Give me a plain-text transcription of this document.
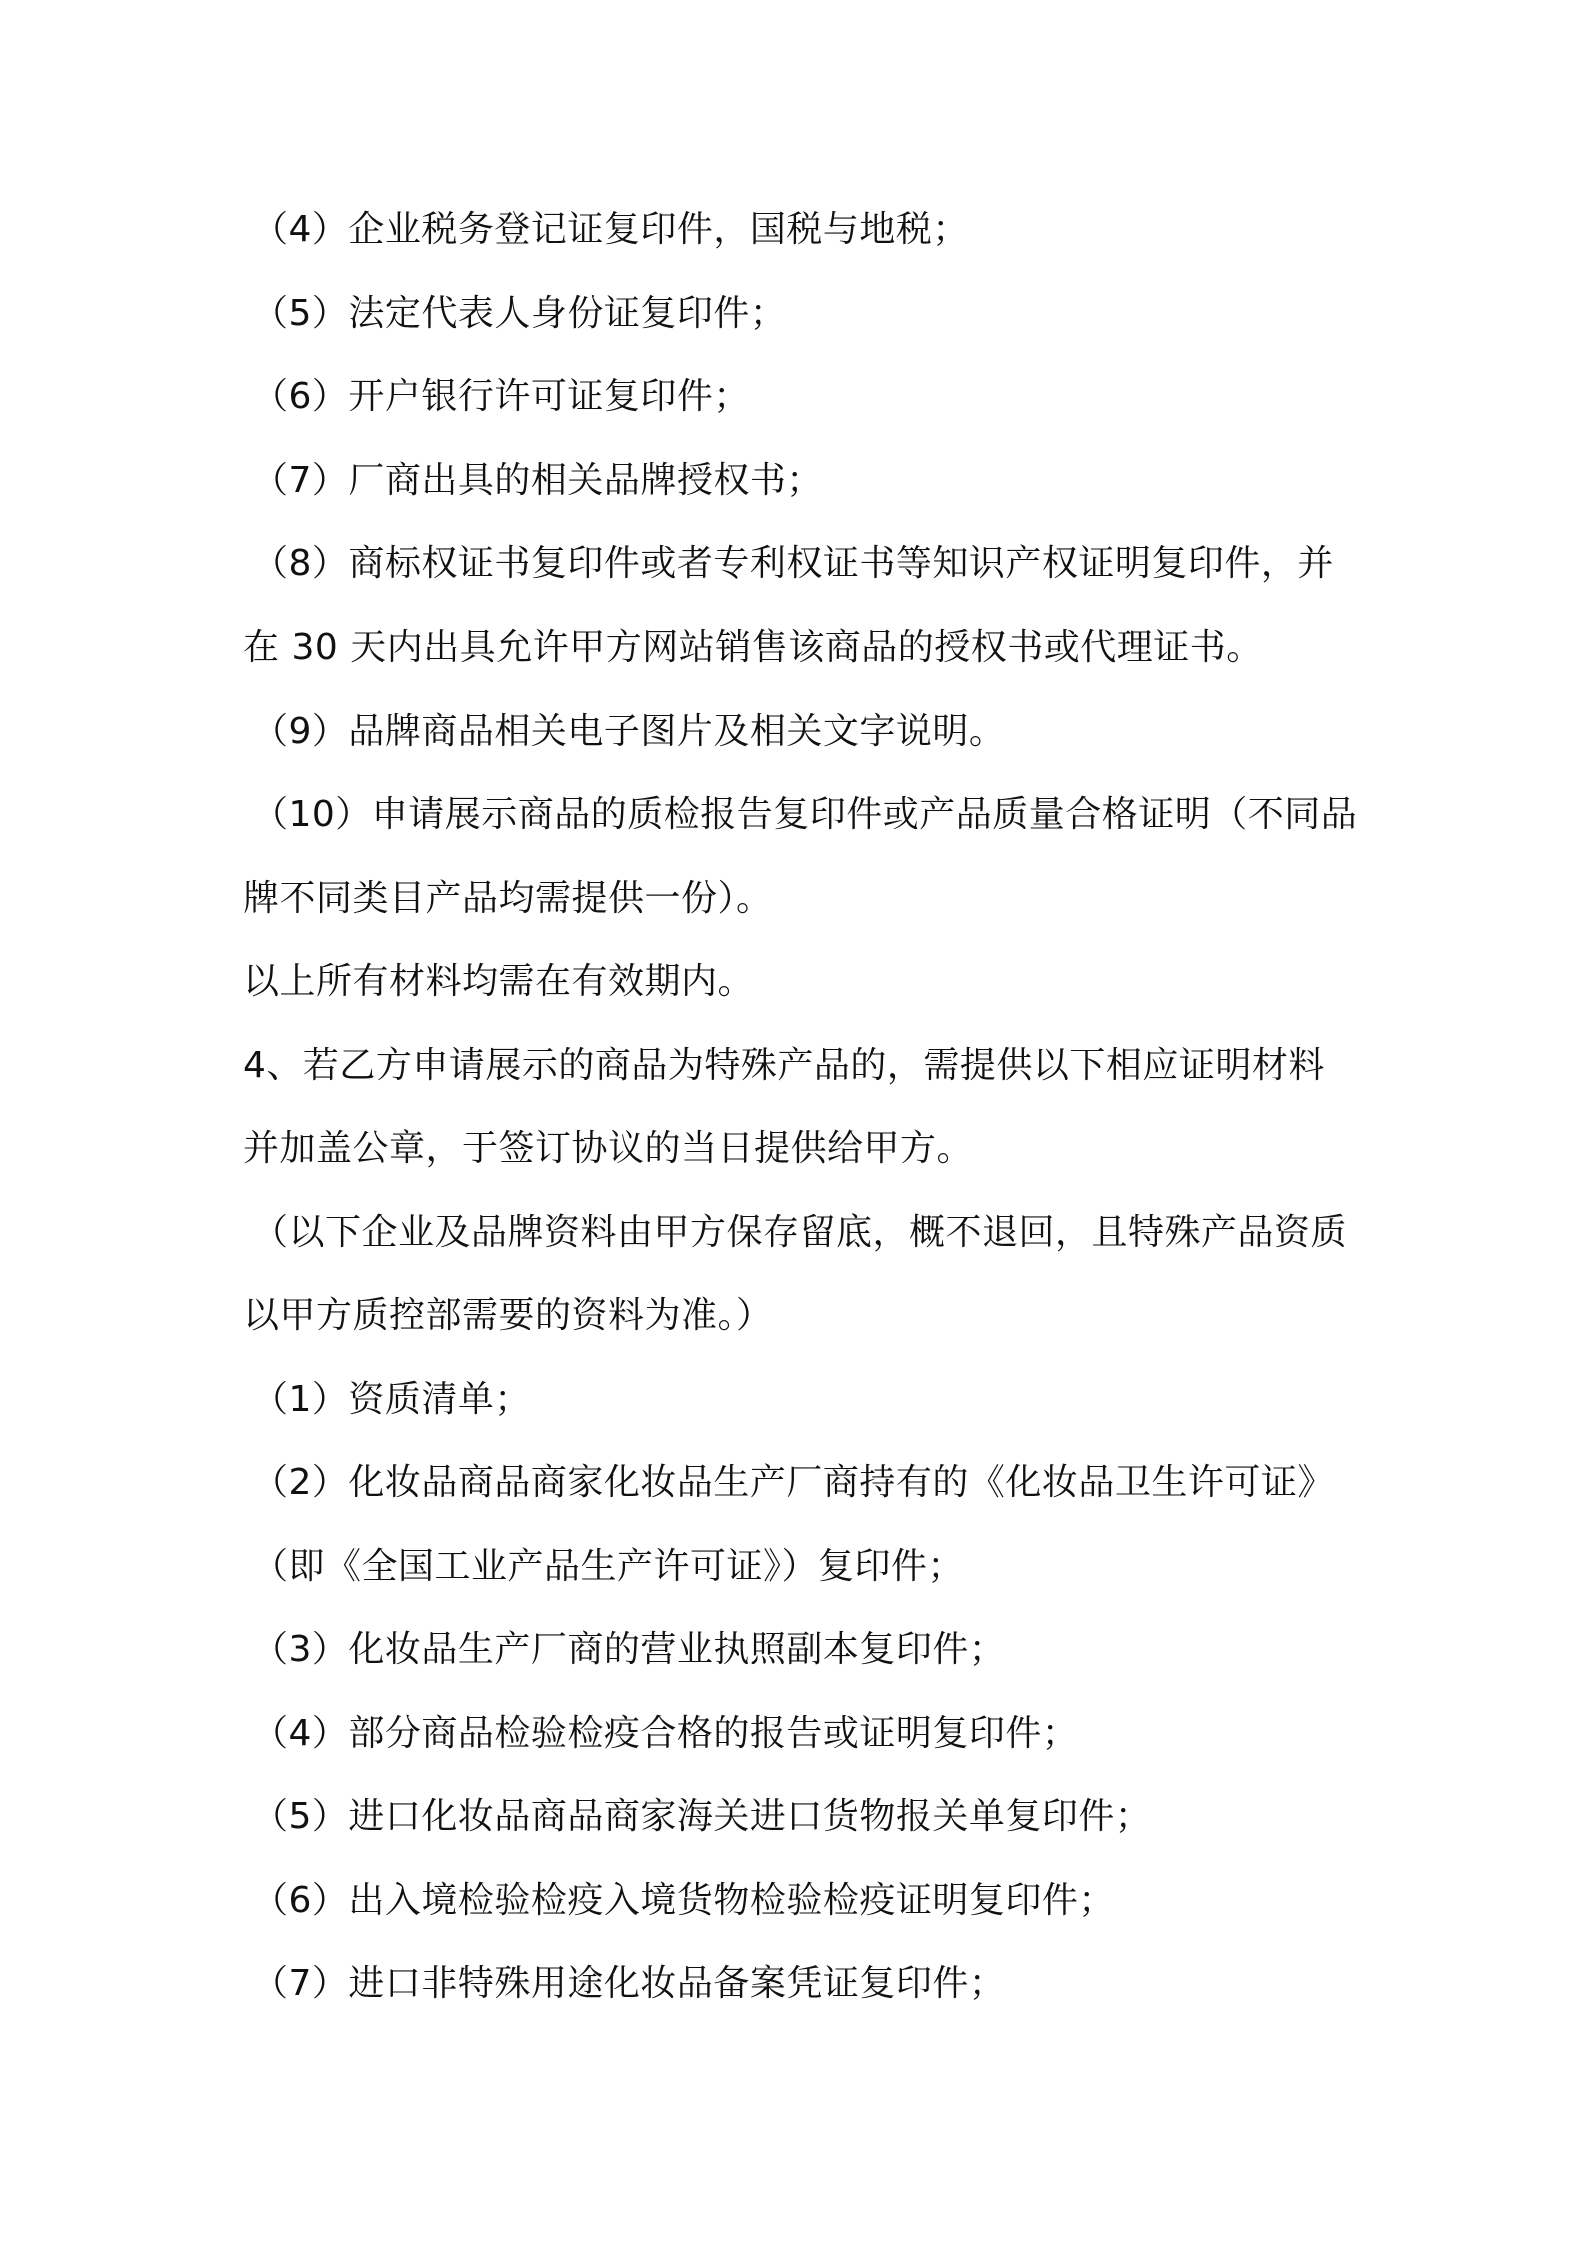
（4）企业税务登记证复印件，国税与地税；
（5）法定代表人身份证复印件；
（6）开户银行许可证复印件；
（7）厂商出具的相关品牌授权书；
（8）商标权证书复印件或者专利权证书等知识产权证明复印件，并
在 30 天内出具允许甲方网站销售该商品的授权书或代理证书。
（9）品牌商品相关电子图片及相关文字说明。
（10）申请展示商品的质检报告复印件或产品质量合格证明（不同品
牌不同类目产品均需提供一份）。
以上所有材料均需在有效期内。
4、若乙方申请展示的商品为特殊产品的，需提供以下相应证明材料
并加盖公章，于签订协议的当日提供给甲方。
（以下企业及品牌资料由甲方保存留底，概不退回，且特殊产品资质
以甲方质控部需要的资料为准。）
（1）资质清单；
（2）化妆品商品商家化妆品生产厂商持有的《化妆品卫生许可证》
（即《全国工业产品生产许可证》）复印件；
（3）化妆品生产厂商的营业执照副本复印件；
（4）部分商品检验检疫合格的报告或证明复印件；
（5）进口化妆品商品商家海关进口货物报关单复印件；
（6）出入境检验检疫入境货物检验检疫证明复印件；
（7）进口非特殊用途化妆品备案凭证复印件；
